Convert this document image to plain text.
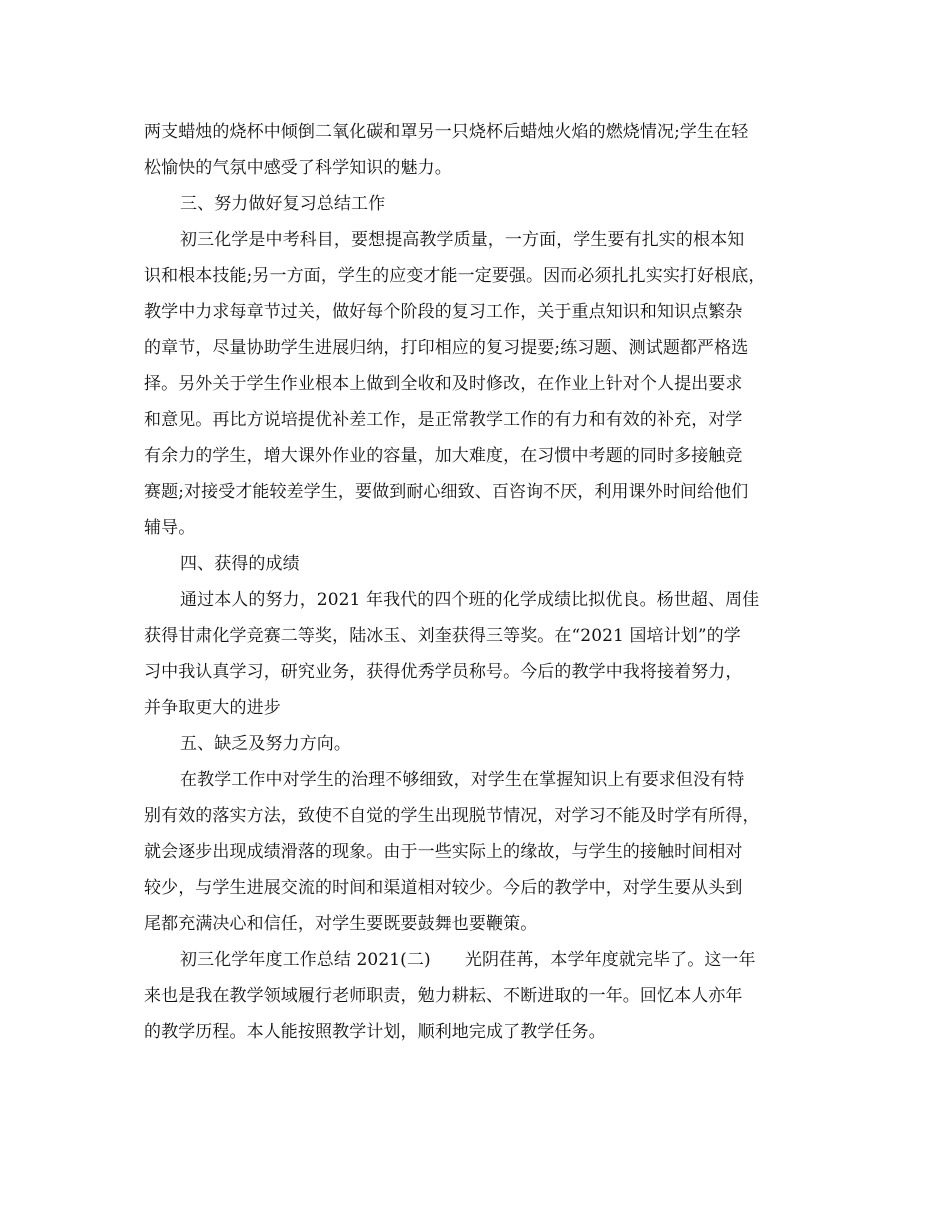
两支蜡烛的烧杯中倾倒二氧化碳和罩另一只烧杯后蜡烛火焰的燃烧情况;学生在轻
松愉快的气氛中感受了科学知识的魅力。
三、努力做好复习总结工作
初三化学是中考科目，要想提高教学质量，一方面，学生要有扎实的根本知
识和根本技能;另一方面，学生的应变才能一定要强。因而必须扎扎实实打好根底，
教学中力求每章节过关，做好每个阶段的复习工作，关于重点知识和知识点繁杂
的章节，尽量协助学生进展归纳，打印相应的复习提要;练习题、测试题都严格选
择。另外关于学生作业根本上做到全收和及时修改，在作业上针对个人提出要求
和意见。再比方说培提优补差工作，是正常教学工作的有力和有效的补充，对学
有余力的学生，增大课外作业的容量，加大难度，在习惯中考题的同时多接触竞
赛题;对接受才能较差学生，要做到耐心细致、百咨询不厌，利用课外时间给他们
辅导。
四、获得的成绩
通过本人的努力，2021 年我代的四个班的化学成绩比拟优良。杨世超、周佳
获得甘肃化学竞赛二等奖，陆冰玉、刘奎获得三等奖。在“2021 国培计划”的学
习中我认真学习，研究业务，获得优秀学员称号。今后的教学中我将接着努力，
并争取更大的进步
五、缺乏及努力方向。
在教学工作中对学生的治理不够细致，对学生在掌握知识上有要求但没有特
别有效的落实方法，致使不自觉的学生出现脱节情况，对学习不能及时学有所得，
就会逐步出现成绩滑落的现象。由于一些实际上的缘故，与学生的接触时间相对
较少，与学生进展交流的时间和渠道相对较少。今后的教学中，对学生要从头到
尾都充满决心和信任，对学生要既要鼓舞也要鞭策。
初三化学年度工作总结 2021(二)　　光阴荏苒，本学年度就完毕了。这一年
来也是我在教学领域履行老师职责，勉力耕耘、不断进取的一年。回忆本人亦年
的教学历程。本人能按照教学计划，顺利地完成了教学任务。
